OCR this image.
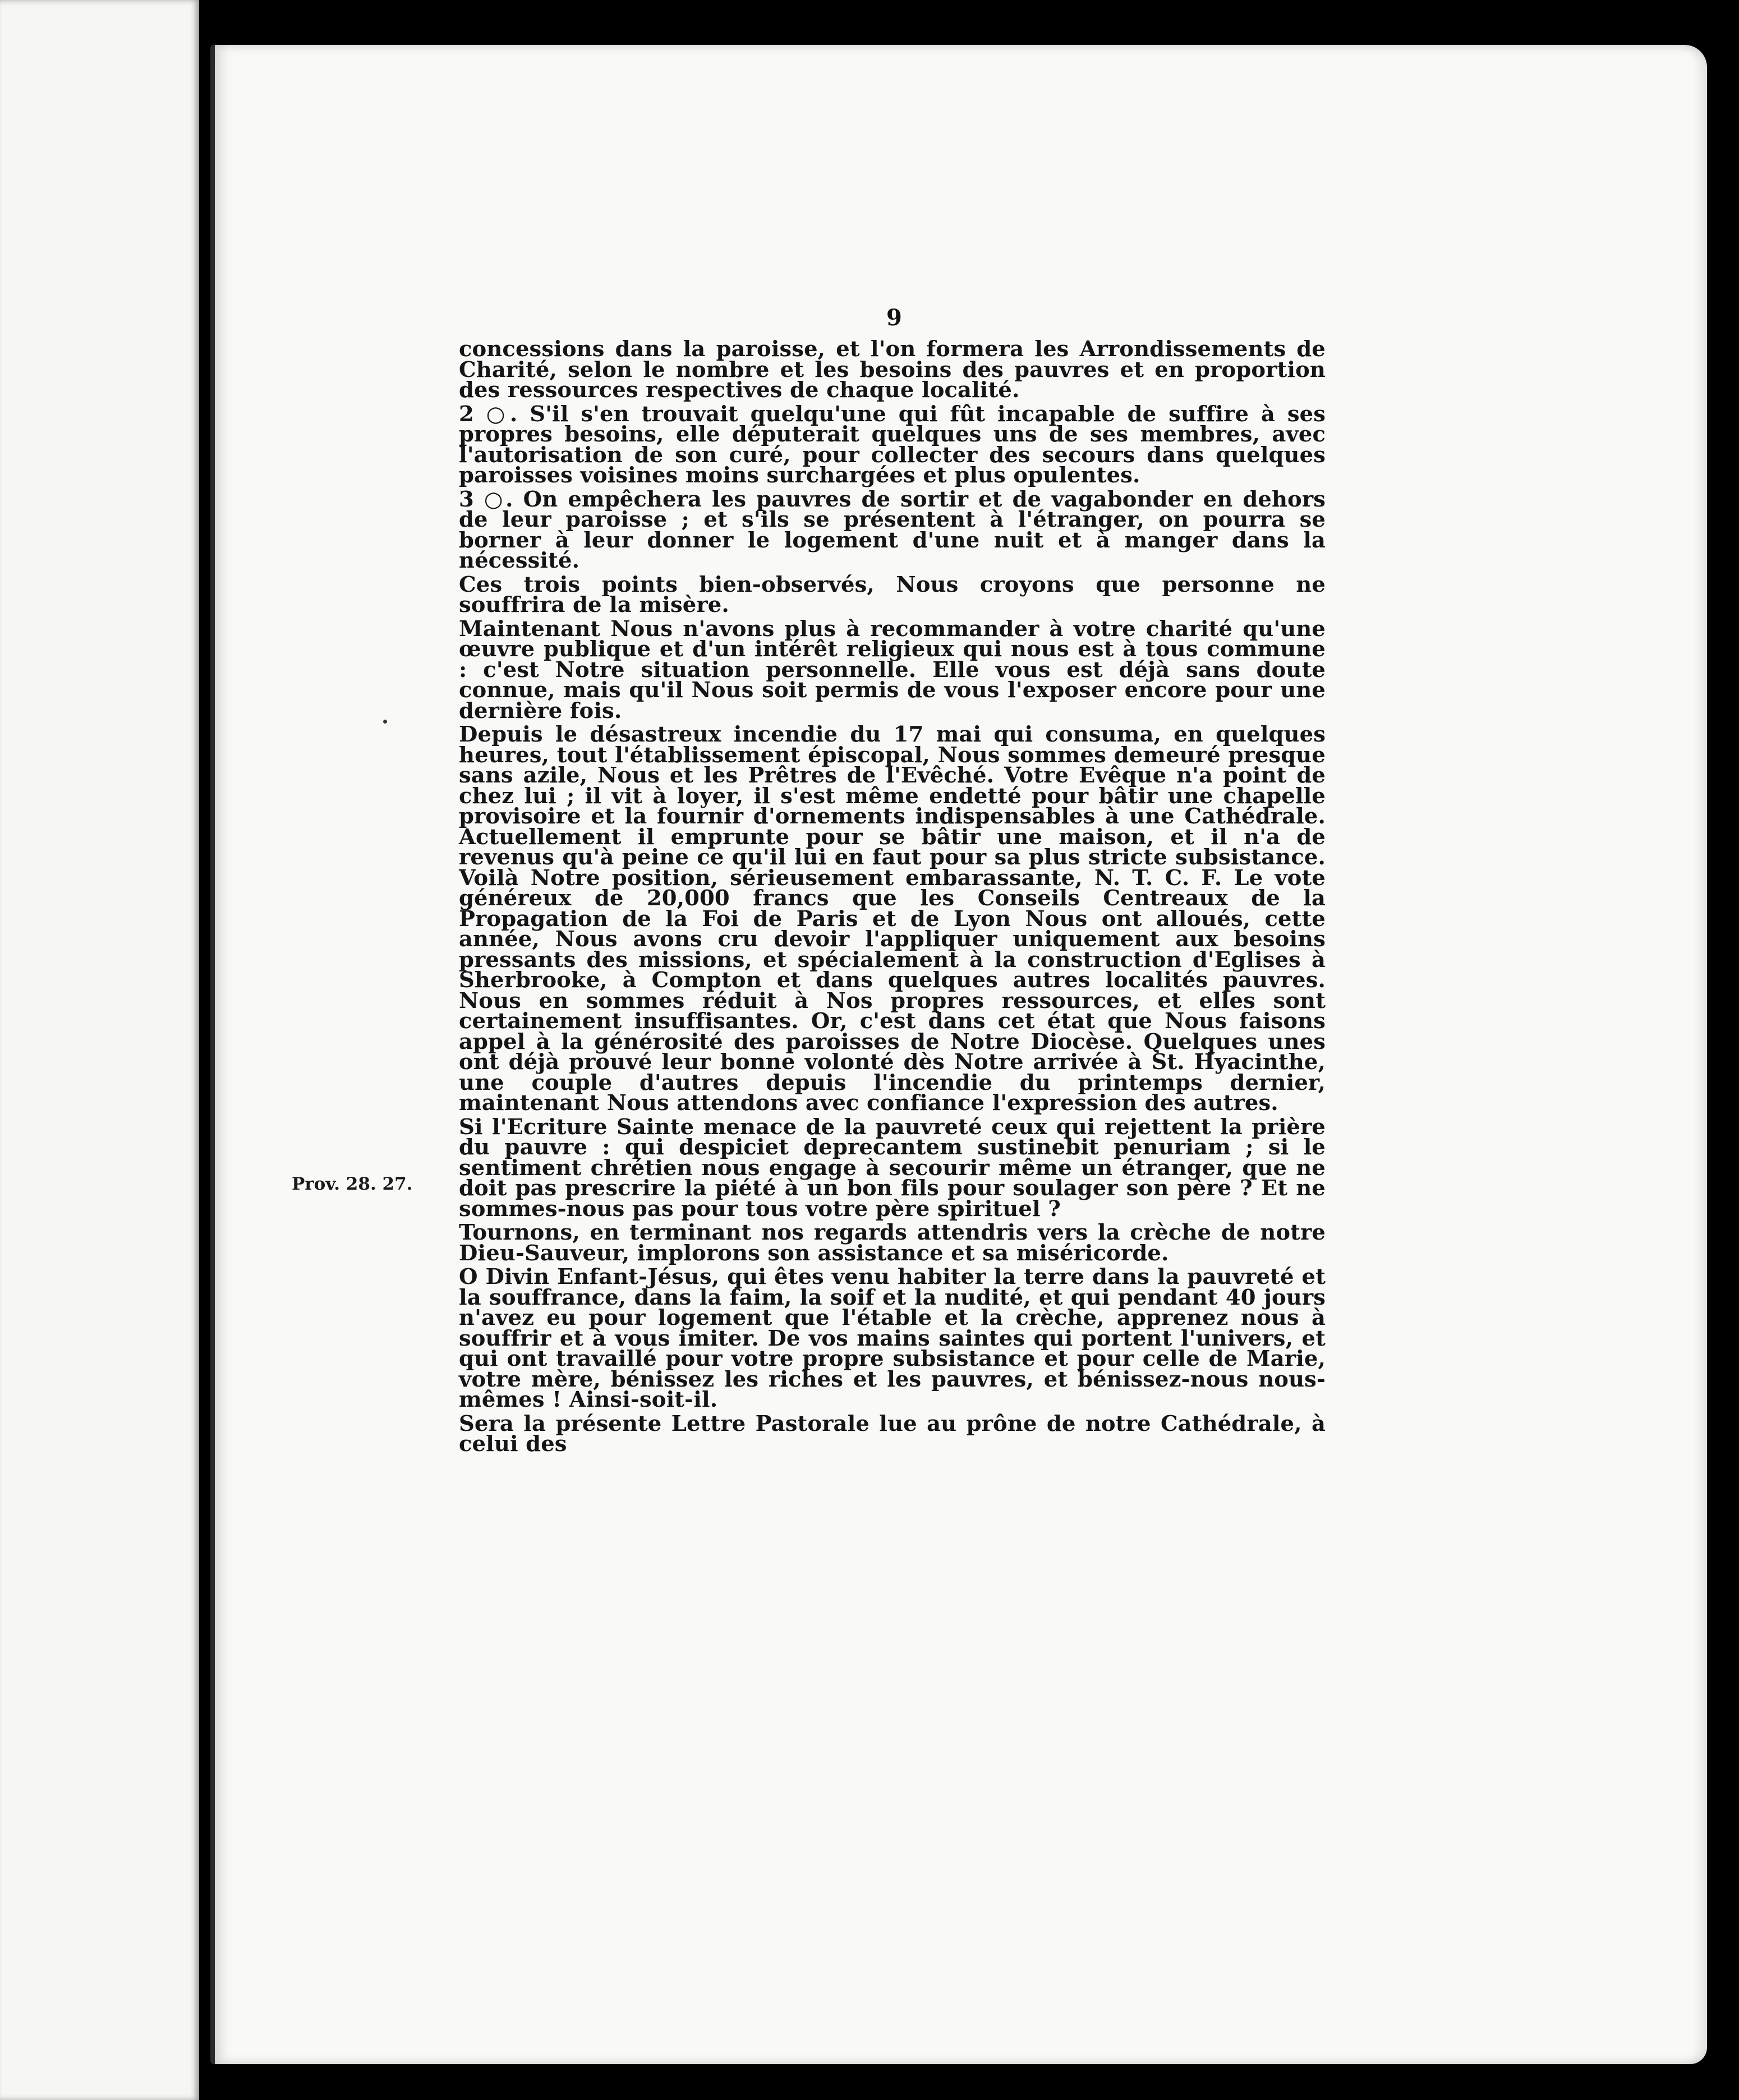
9
Prov. 28. 27.

concessions dans la paroisse, et l'on formera les Arrondissements de Charité, selon le nombre et les besoins des pauvres et en proportion des ressources respectives de chaque localité.

2 ○. S'il s'en trouvait quelqu'une qui fût incapable de suffire à ses propres besoins, elle députerait quelques uns de ses membres, avec l'autorisation de son curé, pour collecter des secours dans quelques paroisses voisines moins surchargées et plus opulentes.

3 ○. On empêchera les pauvres de sortir et de vagabonder en dehors de leur paroisse ; et s'ils se présentent à l'étranger, on pourra se borner à leur donner le logement d'une nuit et à manger dans la nécessité.

Ces trois points bien-observés, Nous croyons que personne ne souffrira de la misère.

Maintenant Nous n'avons plus à recommander à votre charité qu'une œuvre publique et d'un intérêt religieux qui nous est à tous commune : c'est Notre situation personnelle. Elle vous est déjà sans doute connue, mais qu'il Nous soit permis de vous l'exposer encore pour une dernière fois.

Depuis le désastreux incendie du 17 mai qui consuma, en quelques heures, tout l'établissement épiscopal, Nous sommes demeuré presque sans azile, Nous et les Prêtres de l'Evêché. Votre Evêque n'a point de chez lui ; il vit à loyer, il s'est même endetté pour bâtir une chapelle provisoire et la fournir d'ornements indispensables à une Cathédrale. Actuellement il emprunte pour se bâtir une maison, et il n'a de revenus qu'à peine ce qu'il lui en faut pour sa plus stricte subsistance. Voilà Notre position, sérieusement embarassante, N. T. C. F. Le vote généreux de 20,000 francs que les Conseils Centreaux de la Propagation de la Foi de Paris et de Lyon Nous ont alloués, cette année, Nous avons cru devoir l'appliquer uniquement aux besoins pressants des missions, et spécialement à la construction d'Eglises à Sherbrooke, à Compton et dans quelques autres localités pauvres. Nous en sommes réduit à Nos propres ressources, et elles sont certainement insuffisantes. Or, c'est dans cet état que Nous faisons appel à la générosité des paroisses de Notre Diocèse. Quelques unes ont déjà prouvé leur bonne volonté dès Notre arrivée à St. Hyacinthe, une couple d'autres depuis l'incendie du printemps dernier, maintenant Nous attendons avec confiance l'expression des autres.

Si l'Ecriture Sainte menace de la pauvreté ceux qui rejettent la prière du pauvre : qui despiciet deprecantem sustinebit penuriam ; si le sentiment chrétien nous engage à secourir même un étranger, que ne doit pas prescrire la piété à un bon fils pour soulager son père ? Et ne sommes-nous pas pour tous votre père spirituel ?

Tournons, en terminant nos regards attendris vers la crèche de notre Dieu-Sauveur, implorons son assistance et sa miséricorde.

O Divin Enfant-Jésus, qui êtes venu habiter la terre dans la pauvreté et la souffrance, dans la faim, la soif et la nudité, et qui pendant 40 jours n'avez eu pour logement que l'étable et la crèche, apprenez nous à souffrir et à vous imiter. De vos mains saintes qui portent l'univers, et qui ont travaillé pour votre propre subsistance et pour celle de Marie, votre mère, bénissez les riches et les pauvres, et bénissez-nous nous-mêmes ! Ainsi-soit-il.

Sera la présente Lettre Pastorale lue au prône de notre Cathédrale, à celui des
